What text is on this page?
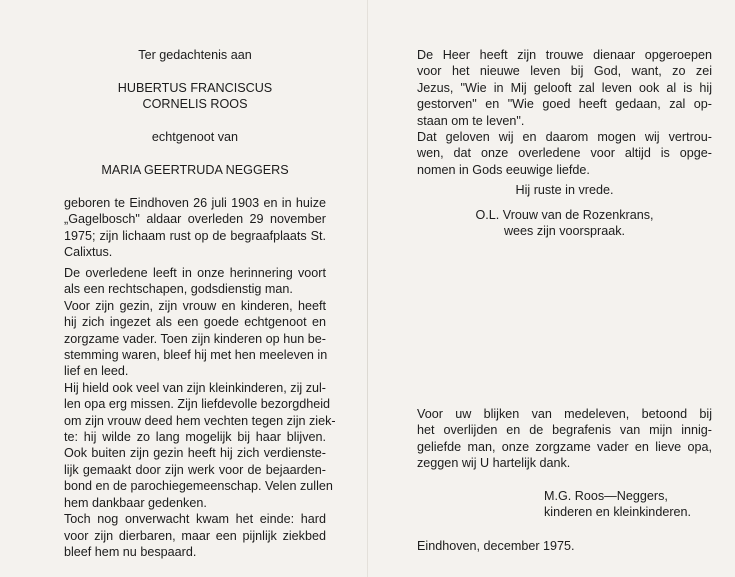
Ter gedachtenis aan

HUBERTUS FRANCISCUS
CORNELIS ROOS

echtgenoot van

MARIA GEERTRUDA NEGGERS

geboren te Eindhoven 26 juli 1903 en in huize
„Gagelbosch" aldaar overleden 29 november
1975; zijn lichaam rust op de begraafplaats St.
Calixtus.
De overledene leeft in onze herinnering voort
als een rechtschapen, godsdienstig man.
Voor zijn gezin, zijn vrouw en kinderen, heeft
hij zich ingezet als een goede echtgenoot en
zorgzame vader. Toen zijn kinderen op hun be-
stemming waren, bleef hij met hen meeleven in
lief en leed.
Hij hield ook veel van zijn kleinkinderen, zij zul-
len opa erg missen. Zijn liefdevolle bezorgdheid
om zijn vrouw deed hem vechten tegen zijn ziek-
te: hij wilde zo lang mogelijk bij haar blijven.
Ook buiten zijn gezin heeft hij zich verdienste-
lijk gemaakt door zijn werk voor de bejaarden-
bond en de parochiegemeenschap. Velen zullen
hem dankbaar gedenken.
Toch nog onverwacht kwam het einde: hard
voor zijn dierbaren, maar een pijnlijk ziekbed
bleef hem nu bespaard.
De Heer heeft zijn trouwe dienaar opgeroepen
voor het nieuwe leven bij God, want, zo zei
Jezus, "Wie in Mij gelooft zal leven ook al is hij
gestorven" en "Wie goed heeft gedaan, zal op-
staan om te leven".
Dat geloven wij en daarom mogen wij vertrou-
wen, dat onze overledene voor altijd is opge-
nomen in Gods eeuwige liefde.

Hij ruste in vrede.

O.L. Vrouw van de Rozenkrans,
wees zijn voorspraak.
Voor uw blijken van medeleven, betoond bij
het overlijden en de begrafenis van mijn innig-
geliefde man, onze zorgzame vader en lieve opa,
zeggen wij U hartelijk dank.
M.G. Roos—Neggers,
kinderen en kleinkinderen.

Eindhoven, december 1975.
